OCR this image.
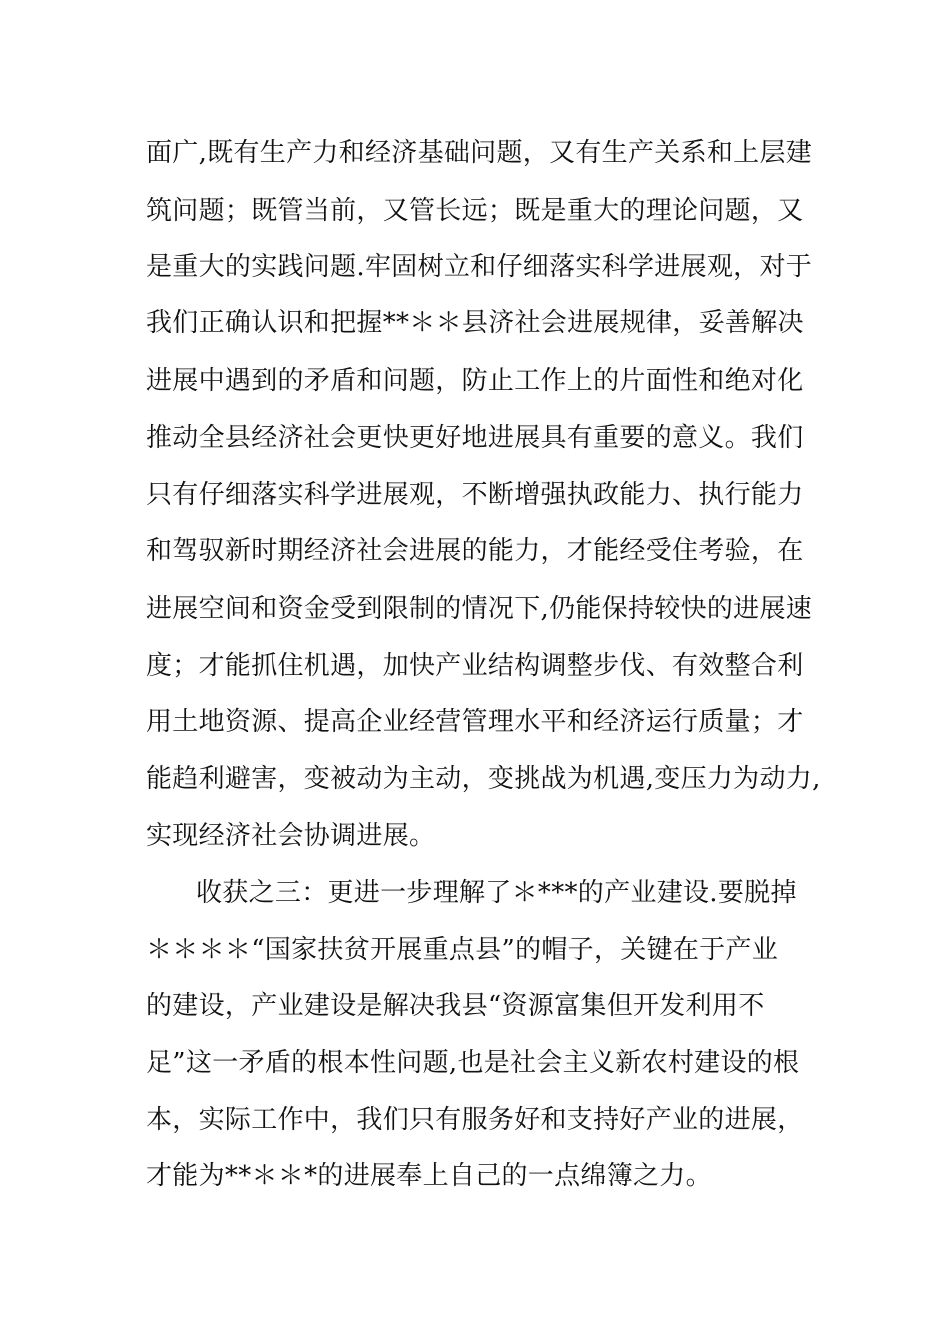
面广,既有生产力和经济基础问题，又有生产关系和上层建
筑问题；既管当前，又管长远；既是重大的理论问题，又
是重大的实践问题.牢固树立和仔细落实科学进展观，对于
我们正确认识和把握**＊＊县济社会进展规律，妥善解决
进展中遇到的矛盾和问题，防止工作上的片面性和绝对化
推动全县经济社会更快更好地进展具有重要的意义。我们
只有仔细落实科学进展观，不断增强执政能力、执行能力
和驾驭新时期经济社会进展的能力，才能经受住考验，在
进展空间和资金受到限制的情况下,仍能保持较快的进展速
度；才能抓住机遇，加快产业结构调整步伐、有效整合利
用土地资源、提高企业经营管理水平和经济运行质量；才
能趋利避害，变被动为主动，变挑战为机遇,变压力为动力,
实现经济社会协调进展。
收获之三：更进一步理解了＊***的产业建设.要脱掉
＊＊＊＊“国家扶贫开展重点县”的帽子，关键在于产业
的建设，产业建设是解决我县“资源富集但开发利用不
足”这一矛盾的根本性问题,也是社会主义新农村建设的根
本，实际工作中，我们只有服务好和支持好产业的进展，
才能为**＊＊*的进展奉上自己的一点绵簿之力。
